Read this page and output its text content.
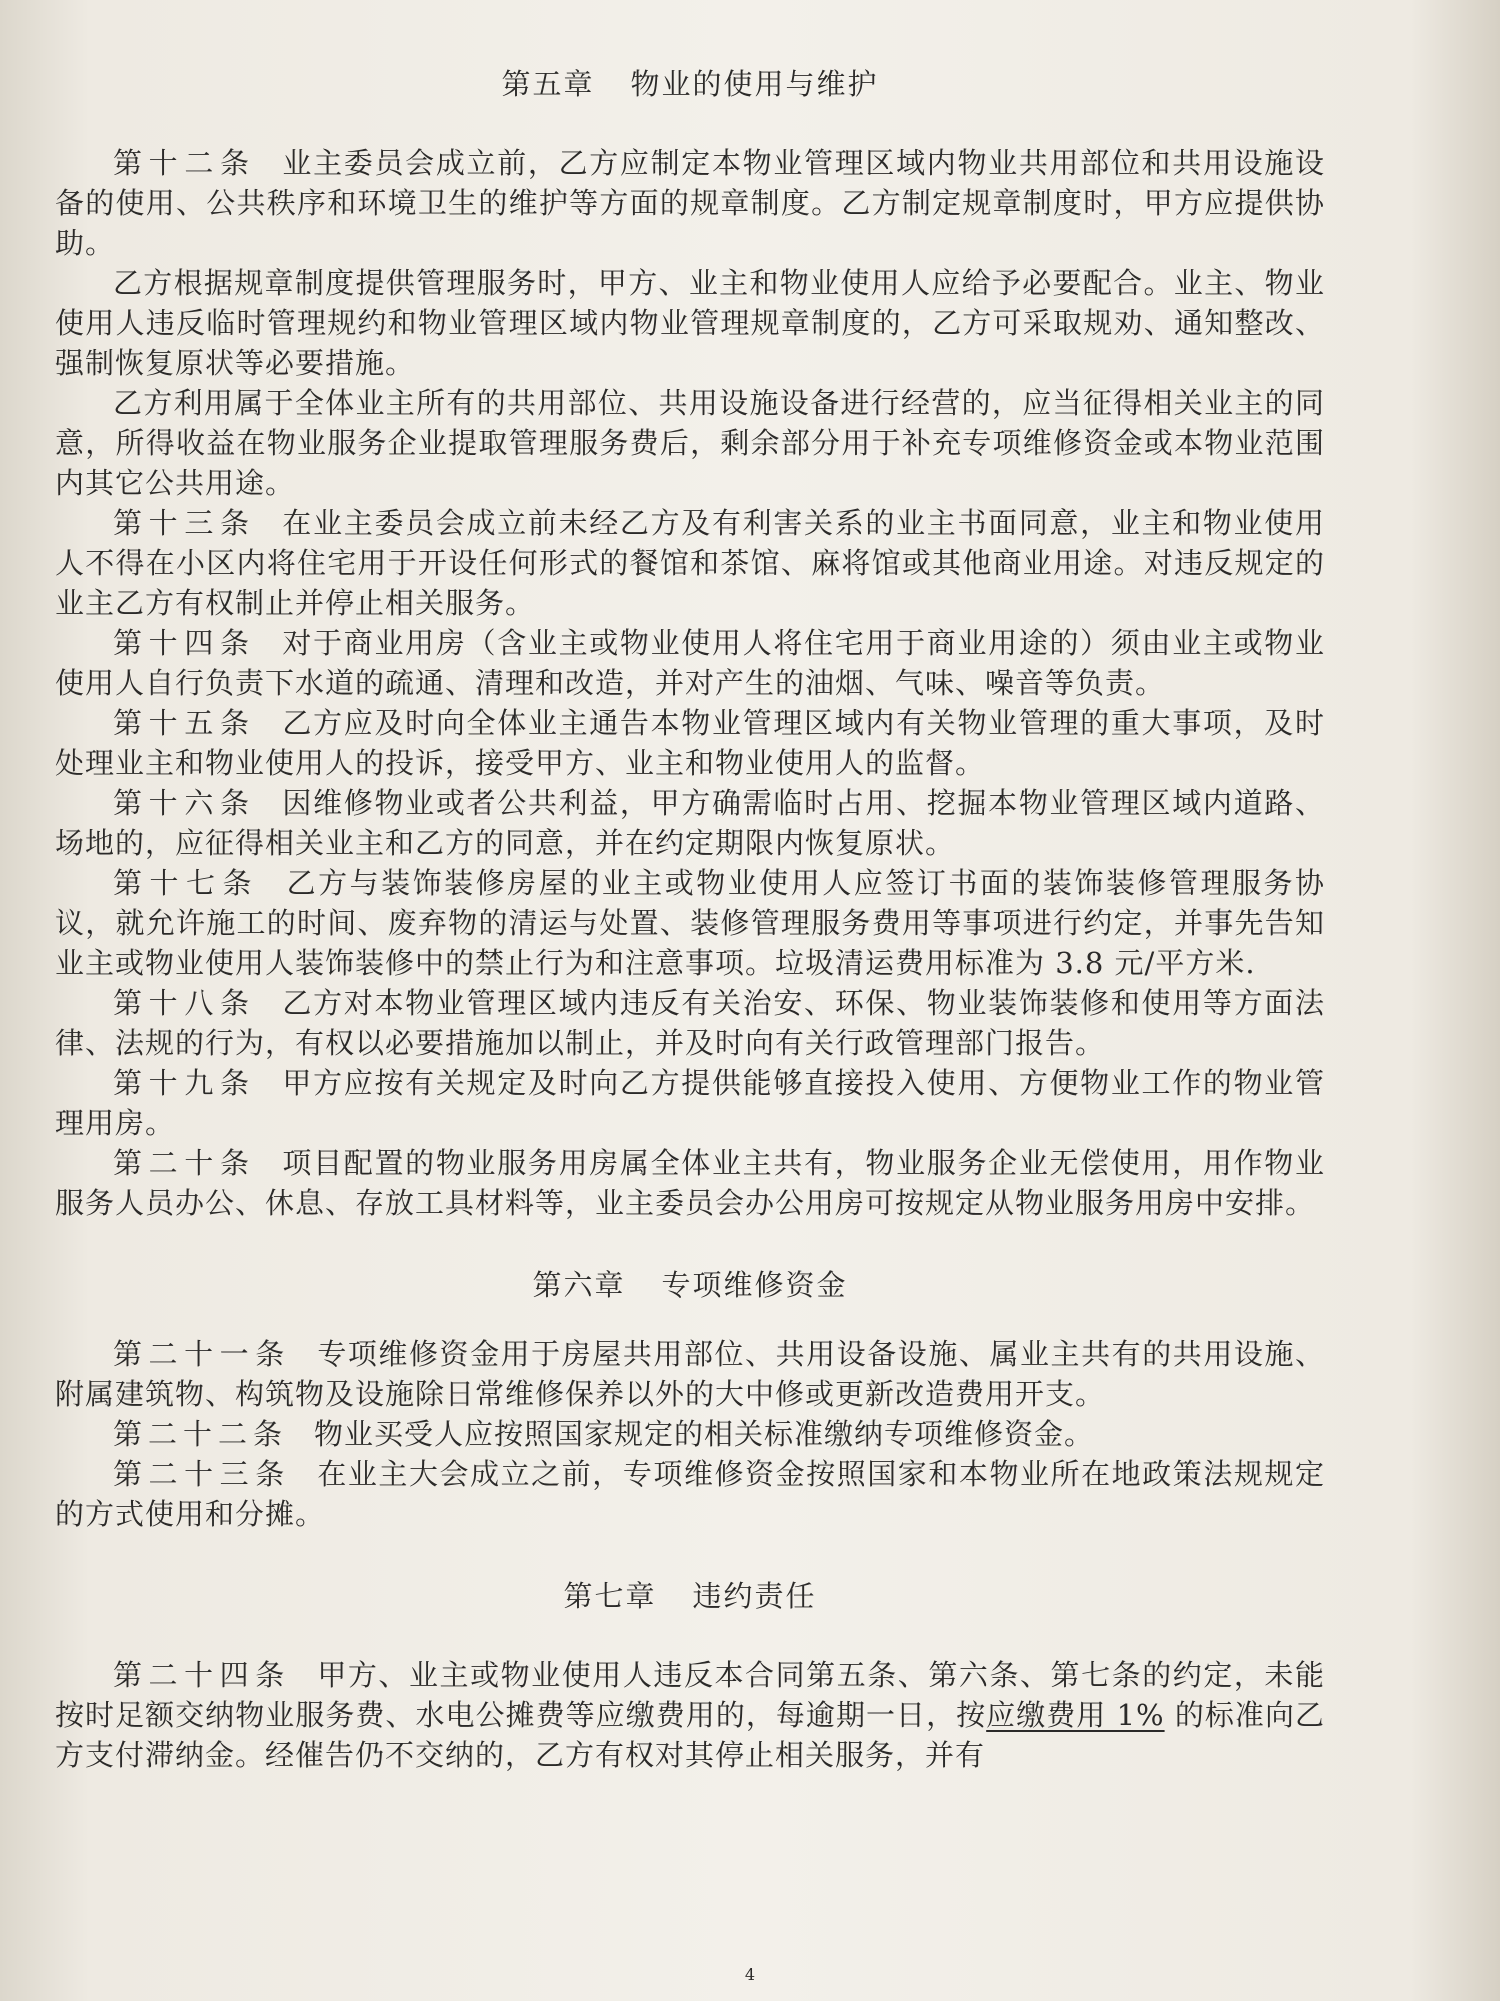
第五章 物业的使用与维护

第十二条 业主委员会成立前，乙方应制定本物业管理区域内物业共用部位和共用设施设备的使用、公共秩序和环境卫生的维护等方面的规章制度。乙方制定规章制度时，甲方应提供协助。

乙方根据规章制度提供管理服务时，甲方、业主和物业使用人应给予必要配合。业主、物业使用人违反临时管理规约和物业管理区域内物业管理规章制度的，乙方可采取规劝、通知整改、强制恢复原状等必要措施。

乙方利用属于全体业主所有的共用部位、共用设施设备进行经营的，应当征得相关业主的同意，所得收益在物业服务企业提取管理服务费后，剩余部分用于补充专项维修资金或本物业范围内其它公共用途。

第十三条 在业主委员会成立前未经乙方及有利害关系的业主书面同意，业主和物业使用人不得在小区内将住宅用于开设任何形式的餐馆和茶馆、麻将馆或其他商业用途。对违反规定的业主乙方有权制止并停止相关服务。

第十四条 对于商业用房（含业主或物业使用人将住宅用于商业用途的）须由业主或物业使用人自行负责下水道的疏通、清理和改造，并对产生的油烟、气味、噪音等负责。

第十五条 乙方应及时向全体业主通告本物业管理区域内有关物业管理的重大事项，及时处理业主和物业使用人的投诉，接受甲方、业主和物业使用人的监督。

第十六条 因维修物业或者公共利益，甲方确需临时占用、挖掘本物业管理区域内道路、场地的，应征得相关业主和乙方的同意，并在约定期限内恢复原状。

第十七条 乙方与装饰装修房屋的业主或物业使用人应签订书面的装饰装修管理服务协议，就允许施工的时间、废弃物的清运与处置、装修管理服务费用等事项进行约定，并事先告知业主或物业使用人装饰装修中的禁止行为和注意事项。垃圾清运费用标准为 3.8 元/平方米.

第十八条 乙方对本物业管理区域内违反有关治安、环保、物业装饰装修和使用等方面法律、法规的行为，有权以必要措施加以制止，并及时向有关行政管理部门报告。

第十九条 甲方应按有关规定及时向乙方提供能够直接投入使用、方便物业工作的物业管理用房。

第二十条 项目配置的物业服务用房属全体业主共有，物业服务企业无偿使用，用作物业服务人员办公、休息、存放工具材料等，业主委员会办公用房可按规定从物业服务用房中安排。

第六章 专项维修资金

第二十一条 专项维修资金用于房屋共用部位、共用设备设施、属业主共有的共用设施、附属建筑物、构筑物及设施除日常维修保养以外的大中修或更新改造费用开支。

第二十二条 物业买受人应按照国家规定的相关标准缴纳专项维修资金。

第二十三条 在业主大会成立之前，专项维修资金按照国家和本物业所在地政策法规规定的方式使用和分摊。

第七章 违约责任

第二十四条 甲方、业主或物业使用人违反本合同第五条、第六条、第七条的约定，未能按时足额交纳物业服务费、水电公摊费等应缴费用的，每逾期一日，按应缴费用 1% 的标准向乙方支付滞纳金。经催告仍不交纳的，乙方有权对其停止相关服务，并有

4
